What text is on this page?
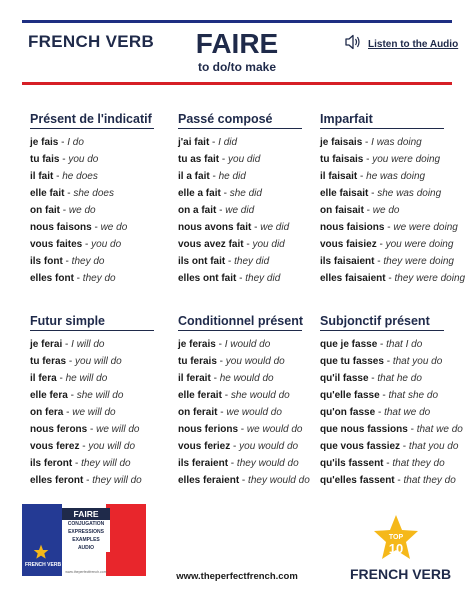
FRENCH VERB	FAIRE
to do/to make
Listen to the Audio
Présent de l'indicatif
je fais - I do
tu fais - you do
il fait - he does
elle fait - she does
on fait - we do
nous faisons - we do
vous faites - you do
ils font - they do
elles font - they do
Passé composé
j'ai fait - I did
tu as fait - you did
il a fait - he did
elle a fait - she did
on a fait - we did
nous avons fait - we did
vous avez fait - you did
ils ont fait - they did
elles ont fait - they did
Imparfait
je faisais - I was doing
tu faisais - you were doing
il faisait - he was doing
elle faisait - she was doing
on faisait - we do
nous faisions - we were doing
vous faisiez - you were doing
ils faisaient - they were doing
elles faisaient - they were doing
Futur simple
je ferai - I will do
tu feras - you will do
il fera - he will do
elle fera - she will do
on fera - we will do
nous ferons - we will do
vous ferez - you will do
ils feront - they will do
elles feront - they will do
Conditionnel présent
je ferais - I would do
tu ferais - you would do
il ferait - he would do
elle ferait - she would do
on ferait - we would do
nous ferions - we would do
vous feriez - you would do
ils feraient - they would do
elles feraient - they would do
Subjonctif présent
que je fasse - that I do
que tu fasses - that you do
qu'il fasse - that he do
qu'elle fasse - that she do
qu'on fasse - that we do
que nous fassions - that we do
que vous fassiez - that you do
qu'ils fassent - that they do
qu'elles fassent - that they do
FAIRE
CONJUGATION
EXPRESSIONS
EXAMPLES
AUDIO
FRENCH VERB
www.theperfectfrench.com	www.theperfectfrench.com
TOP
10
FRENCH VERB
